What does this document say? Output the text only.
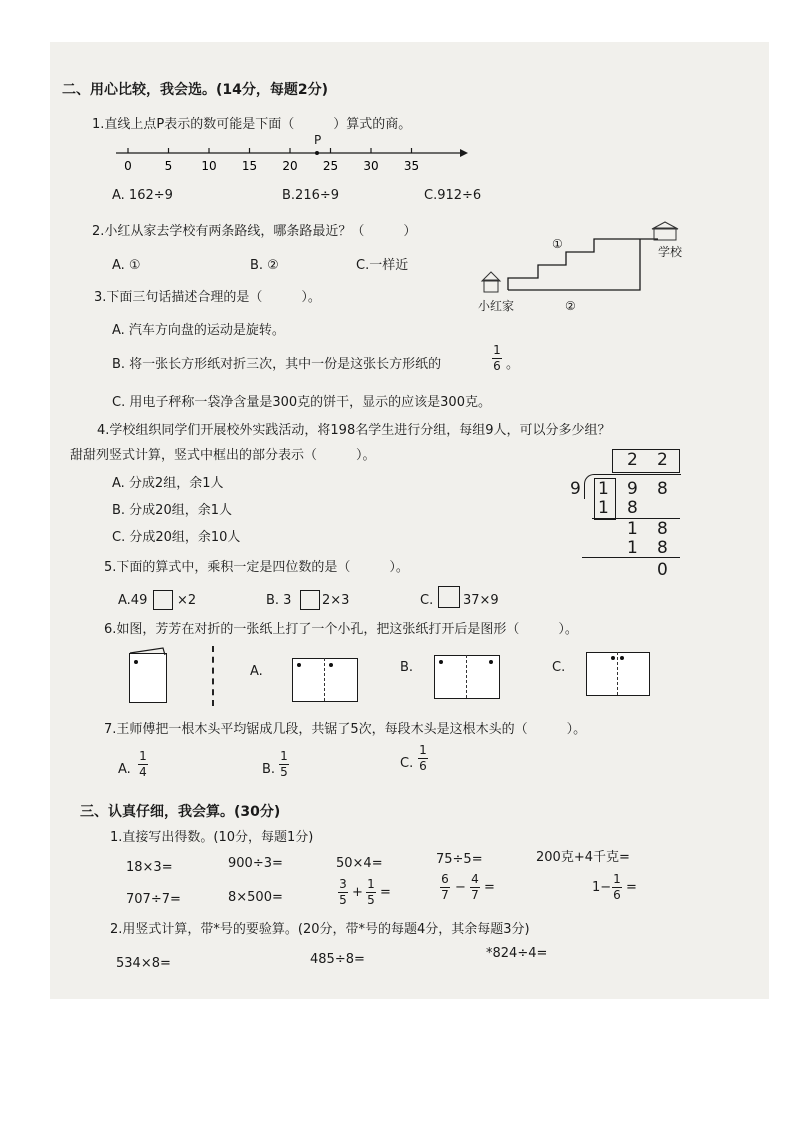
二、用心比较，我会选。(14分，每题2分)
1.直线上点P表示的数可能是下面（　　　）算式的商。
0	5 10 15 20 25 30 35
P
A. 162÷9	B.216÷9	C.912÷6
2.小红从家去学校有两条路线，哪条路最近？（　　　）
A. ①	B. ②	C.一样近
①
②
小红家
学校
3.下面三句话描述合理的是（　　　）。
A. 汽车方向盘的运动是旋转。
B. 将一张长方形纸对折三次，其中一份是这张长方形纸的
1
6 。
C. 用电子秤称一袋净含量是300克的饼干，显示的应该是300克。
4.学校组织同学们开展校外实践活动，将198名学生进行分组，每组9人，可以分多少组？
甜甜列竖式计算，竖式中框出的部分表示（　　　）。
A. 分成2组，余1人
B. 分成20组，余1人
C. 分成20组，余10人
2 2
9 1 9 8
1 8
1 8
1 8
0
5.下面的算式中，乘积一定是四位数的是（　　　）。
A.49 ×2	B. 3 2×3	C. 37×9
6.如图，芳芳在对折的一张纸上打了一个小孔，把这张纸打开后是图形（　　　）。
A.	B.	C.
7.王师傅把一根木头平均锯成几段，共锯了5次，每段木头是这根木头的（　　　）。
A.
1
4	B.
1
5
C.
1
6
三、认真仔细，我会算。(30分)
1.直接写出得数。(10分，每题1分)
18×3=	900÷3=	50×4=	75÷5=	200克+4千克=
707÷7=	8×500=
3
5 +
1
5 =
6
7 −
4
7 =	1−
1
6 =
2.用竖式计算，带*号的要验算。(20分，带*号的每题4分，其余每题3分)
534×8=	485÷8=	*824÷4=
